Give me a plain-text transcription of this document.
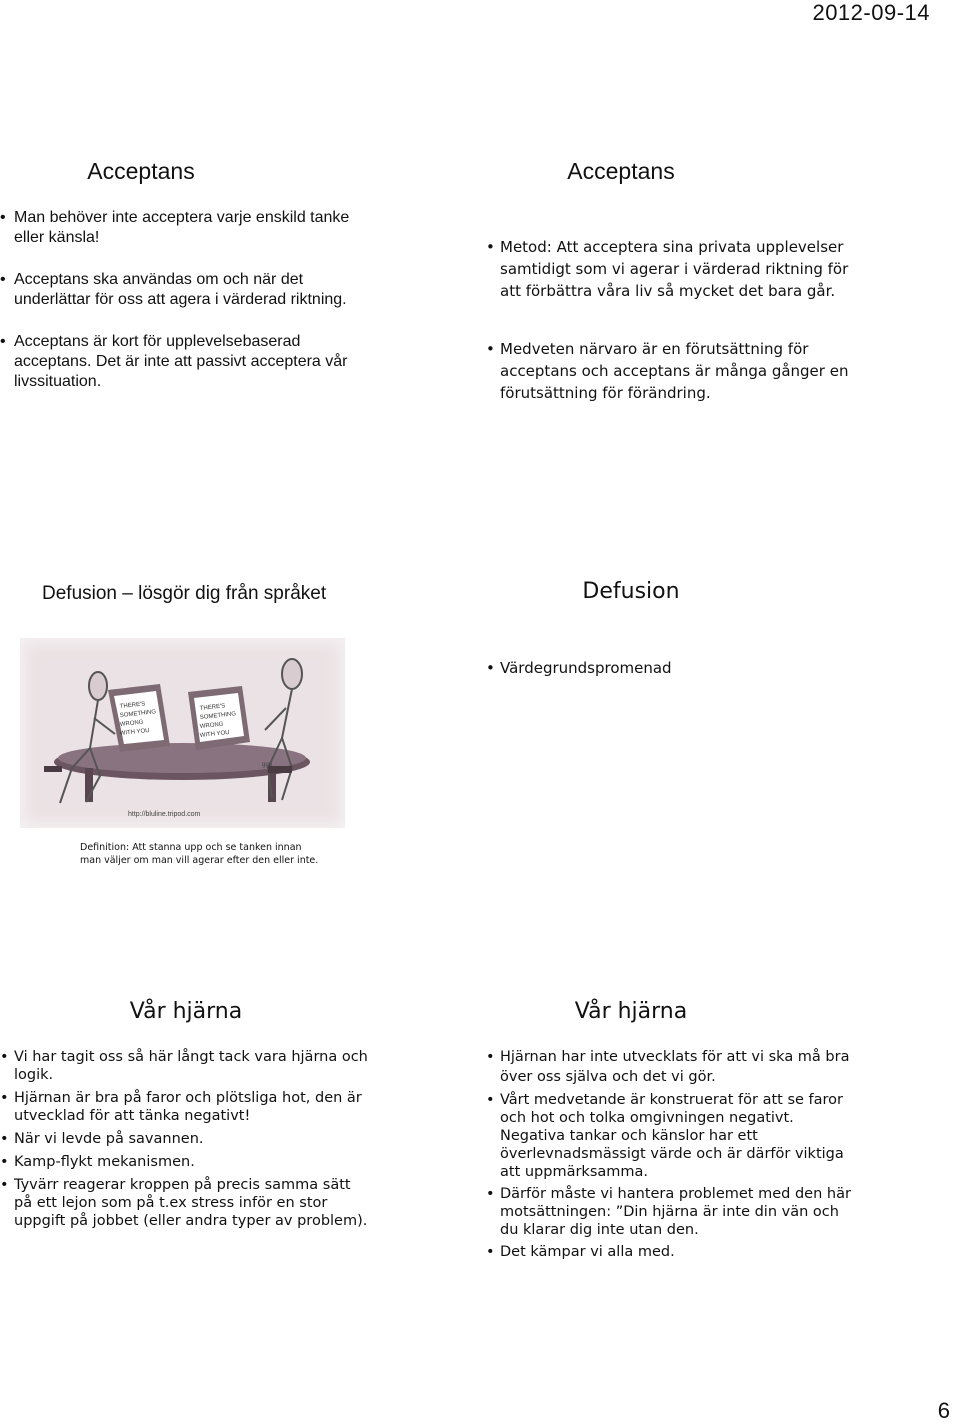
2012-09-14
Acceptans
• Man behöver inte acceptera varje enskild tanke eller känsla!
• Acceptans ska användas om och när det underlättar för oss att agera i värderad riktning.
• Acceptans är kort för upplevelsebaserad acceptans. Det är inte att passivt acceptera vår livssituation.
Acceptans
• Metod: Att acceptera sina privata upplevelser samtidigt som vi agerar i värderad riktning för att förbättra våra liv så mycket det bara går.
• Medveten närvaro är en förutsättning för acceptans och acceptans är många gånger en förutsättning för förändring.
Defusion – lösgör dig från språket
THERE'S
SOMETHING
WRONG
WITH YOU
THERE'S
SOMETHING
WRONG
WITH YOU
ggg
http://bluline.tripod.com
Definition: Att stanna upp och se tanken innan man väljer om man vill agerar efter den eller inte.
Defusion
• Värdegrundspromenad
Vår hjärna
• Vi har tagit oss så här långt tack vara hjärna och logik.
• Hjärnan är bra på faror och plötsliga hot, den är utvecklad för att tänka negativt!
• När vi levde på savannen.
• Kamp-flykt mekanismen.
• Tyvärr reagerar kroppen på precis samma sätt på ett lejon som på t.ex stress inför en stor uppgift på jobbet (eller andra typer av problem).
Vår hjärna
• Hjärnan har inte utvecklats för att vi ska må bra över oss själva och det vi gör.
• Vårt medvetande är konstruerat för att se faror och hot och tolka omgivningen negativt. Negativa tankar och känslor har ett överlevnadsmässigt värde och är därför viktiga att uppmärksamma.
• Därför måste vi hantera problemet med den här motsättningen: ”Din hjärna är inte din vän och du klarar dig inte utan den.
• Det kämpar vi alla med.
6
